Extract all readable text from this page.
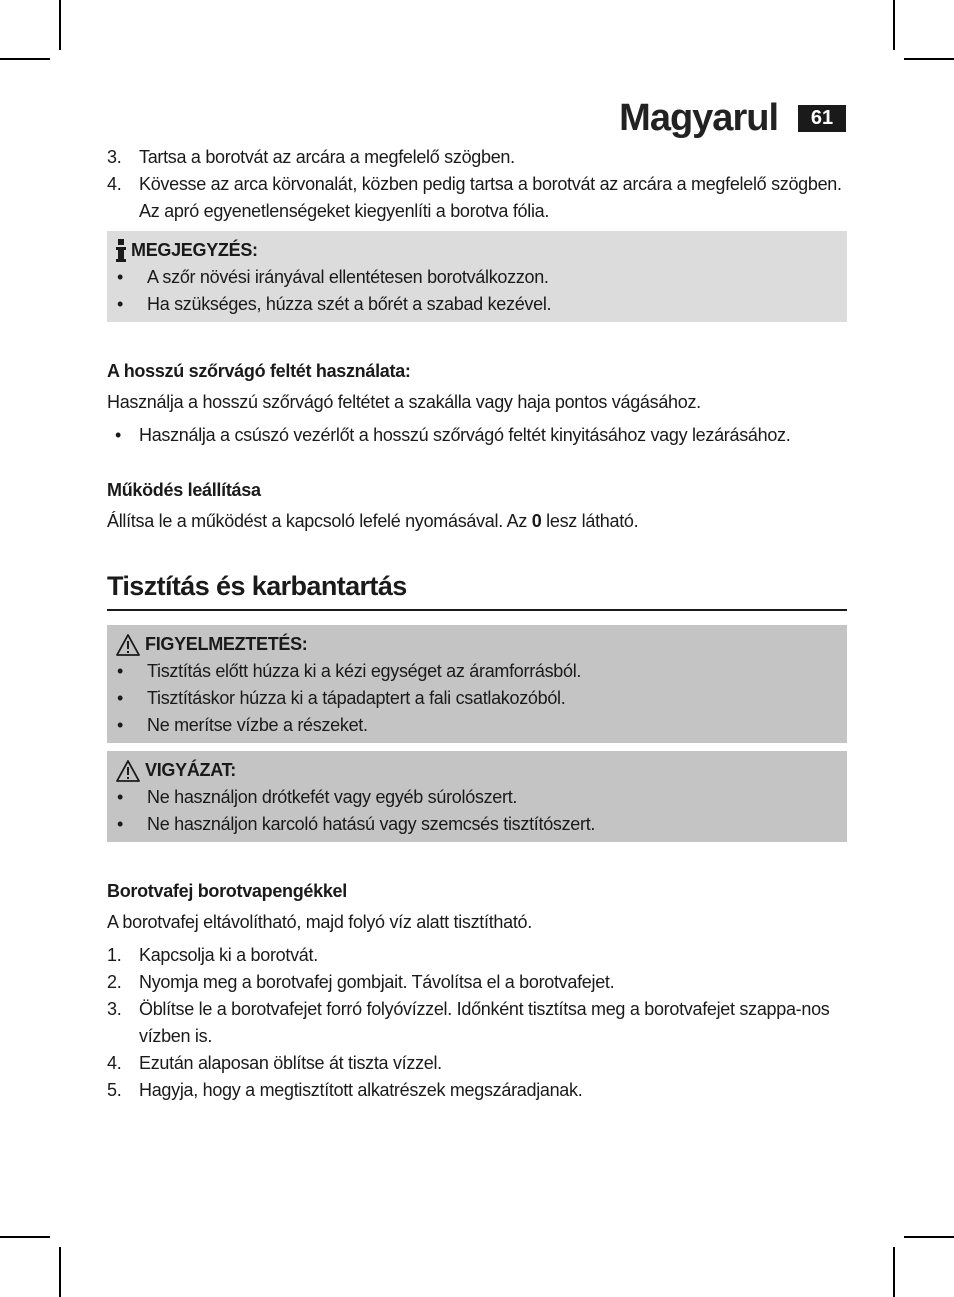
Magyarul	61
3. Tartsa a borotvát az arcára a megfelelő szögben.
4. Kövesse az arca körvonalát, közben pedig tartsa a borotvát az arcára a megfelelő szögben. Az apró egyenetlenségeket kiegyenlíti a borotva fólia.
MEGJEGYZÉS:
• A szőr növési irányával ellentétesen borotválkozzon.
• Ha szükséges, húzza szét a bőrét a szabad kezével.
A hosszú szőrvágó feltét használata:
Használja a hosszú szőrvágó feltétet a szakálla vagy haja pontos vágásához.
• Használja a csúszó vezérlőt a hosszú szőrvágó feltét kinyitásához vagy lezárásához.
Működés leállítása
Állítsa le a működést a kapcsoló lefelé nyomásával. Az 0 lesz látható.
Tisztítás és karbantartás
FIGYELMEZTETÉS:
• Tisztítás előtt húzza ki a kézi egységet az áramforrásból.
• Tisztításkor húzza ki a tápadaptert a fali csatlakozóból.
• Ne merítse vízbe a részeket.
VIGYÁZAT:
• Ne használjon drótkefét vagy egyéb súrolószert.
• Ne használjon karcoló hatású vagy szemcsés tisztítószert.
Borotvafej borotvapengékkel
A borotvafej eltávolítható, majd folyó víz alatt tisztítható.
1. Kapcsolja ki a borotvát.
2. Nyomja meg a borotvafej gombjait. Távolítsa el a borotvafejet.
3. Öblítse le a borotvafejet forró folyóvízzel. Időnként tisztítsa meg a borotvafejet szappa-nos vízben is.
4. Ezután alaposan öblítse át tiszta vízzel.
5. Hagyja, hogy a megtisztított alkatrészek megszáradjanak.
